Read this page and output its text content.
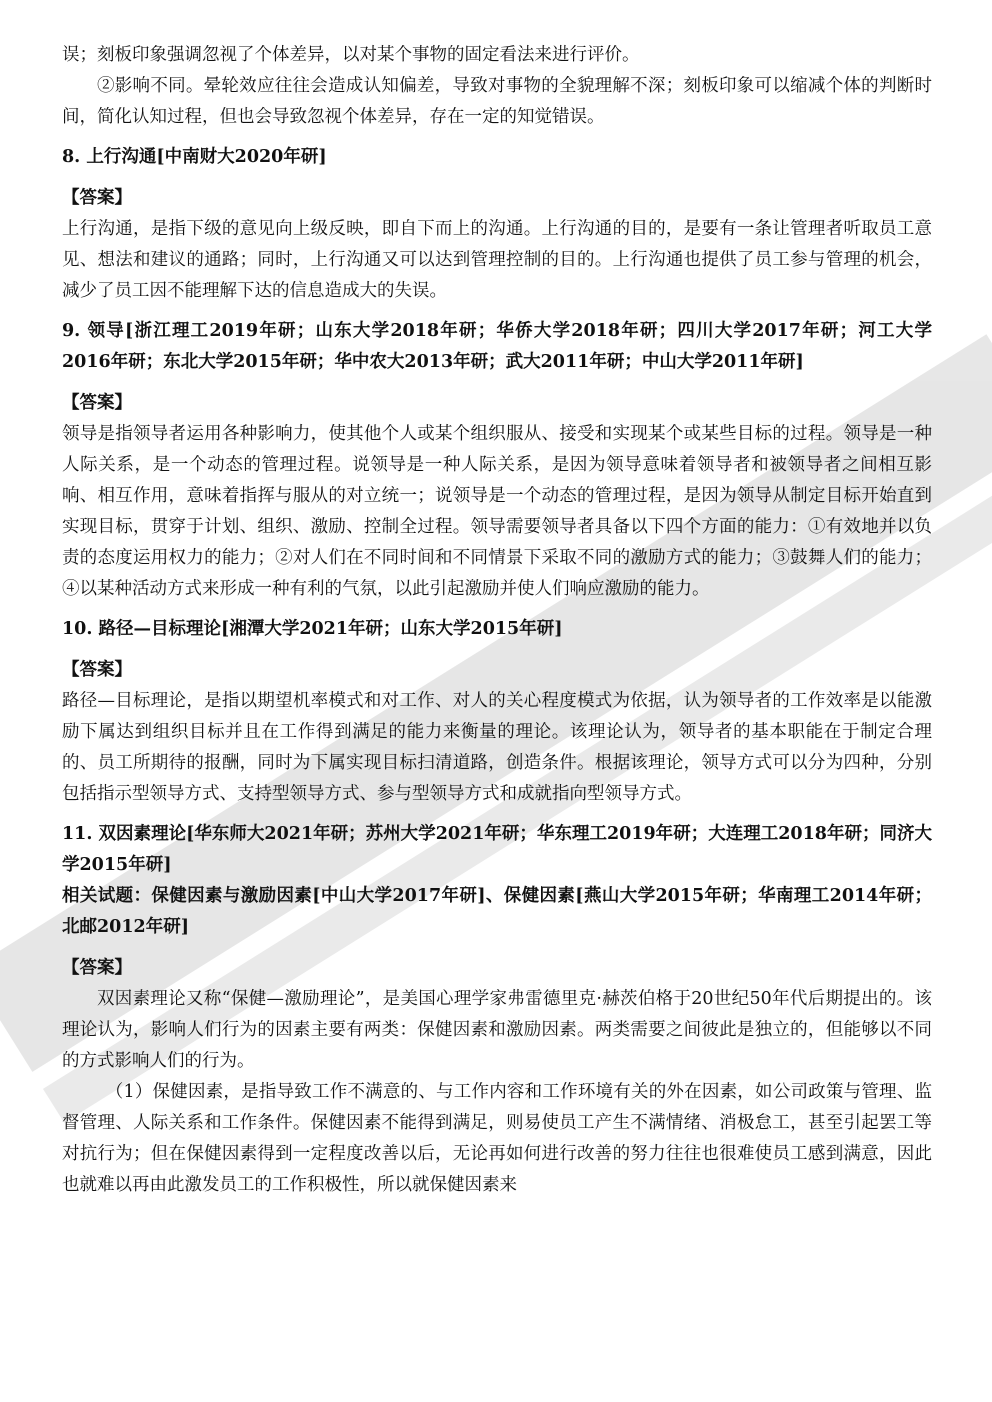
误；刻板印象强调忽视了个体差异，以对某个事物的固定看法来进行评价。

②影响不同。晕轮效应往往会造成认知偏差，导致对事物的全貌理解不深；刻板印象可以缩减个体的判断时间，简化认知过程，但也会导致忽视个体差异，存在一定的知觉错误。

8. 上行沟通[中南财大2020年研]

【答案】

上行沟通，是指下级的意见向上级反映，即自下而上的沟通。上行沟通的目的，是要有一条让管理者听取员工意见、想法和建议的通路；同时，上行沟通又可以达到管理控制的目的。上行沟通也提供了员工参与管理的机会，减少了员工因不能理解下达的信息造成大的失误。

9. 领导[浙江理工2019年研；山东大学2018年研；华侨大学2018年研；四川大学2017年研；河工大学2016年研；东北大学2015年研；华中农大2013年研；武大2011年研；中山大学2011年研]

【答案】

领导是指领导者运用各种影响力，使其他个人或某个组织服从、接受和实现某个或某些目标的过程。领导是一种人际关系，是一个动态的管理过程。说领导是一种人际关系，是因为领导意味着领导者和被领导者之间相互影响、相互作用，意味着指挥与服从的对立统一；说领导是一个动态的管理过程，是因为领导从制定目标开始直到实现目标，贯穿于计划、组织、激励、控制全过程。领导需要领导者具备以下四个方面的能力：①有效地并以负责的态度运用权力的能力；②对人们在不同时间和不同情景下采取不同的激励方式的能力；③鼓舞人们的能力；④以某种活动方式来形成一种有利的气氛，以此引起激励并使人们响应激励的能力。

10. 路径—目标理论[湘潭大学2021年研；山东大学2015年研]

【答案】

路径—目标理论，是指以期望机率模式和对工作、对人的关心程度模式为依据，认为领导者的工作效率是以能激励下属达到组织目标并且在工作得到满足的能力来衡量的理论。该理论认为，领导者的基本职能在于制定合理的、员工所期待的报酬，同时为下属实现目标扫清道路，创造条件。根据该理论，领导方式可以分为四种，分别包括指示型领导方式、支持型领导方式、参与型领导方式和成就指向型领导方式。

11. 双因素理论[华东师大2021年研；苏州大学2021年研；华东理工2019年研；大连理工2018年研；同济大学2015年研]

相关试题：保健因素与激励因素[中山大学2017年研]、保健因素[燕山大学2015年研；华南理工2014年研；北邮2012年研]

【答案】

双因素理论又称“保健—激励理论”，是美国心理学家弗雷德里克·赫茨伯格于20世纪50年代后期提出的。该理论认为，影响人们行为的因素主要有两类：保健因素和激励因素。两类需要之间彼此是独立的，但能够以不同的方式影响人们的行为。

（1）保健因素，是指导致工作不满意的、与工作内容和工作环境有关的外在因素，如公司政策与管理、监督管理、人际关系和工作条件。保健因素不能得到满足，则易使员工产生不满情绪、消极怠工，甚至引起罢工等对抗行为；但在保健因素得到一定程度改善以后，无论再如何进行改善的努力往往也很难使员工感到满意，因此也就难以再由此激发员工的工作积极性，所以就保健因素来
